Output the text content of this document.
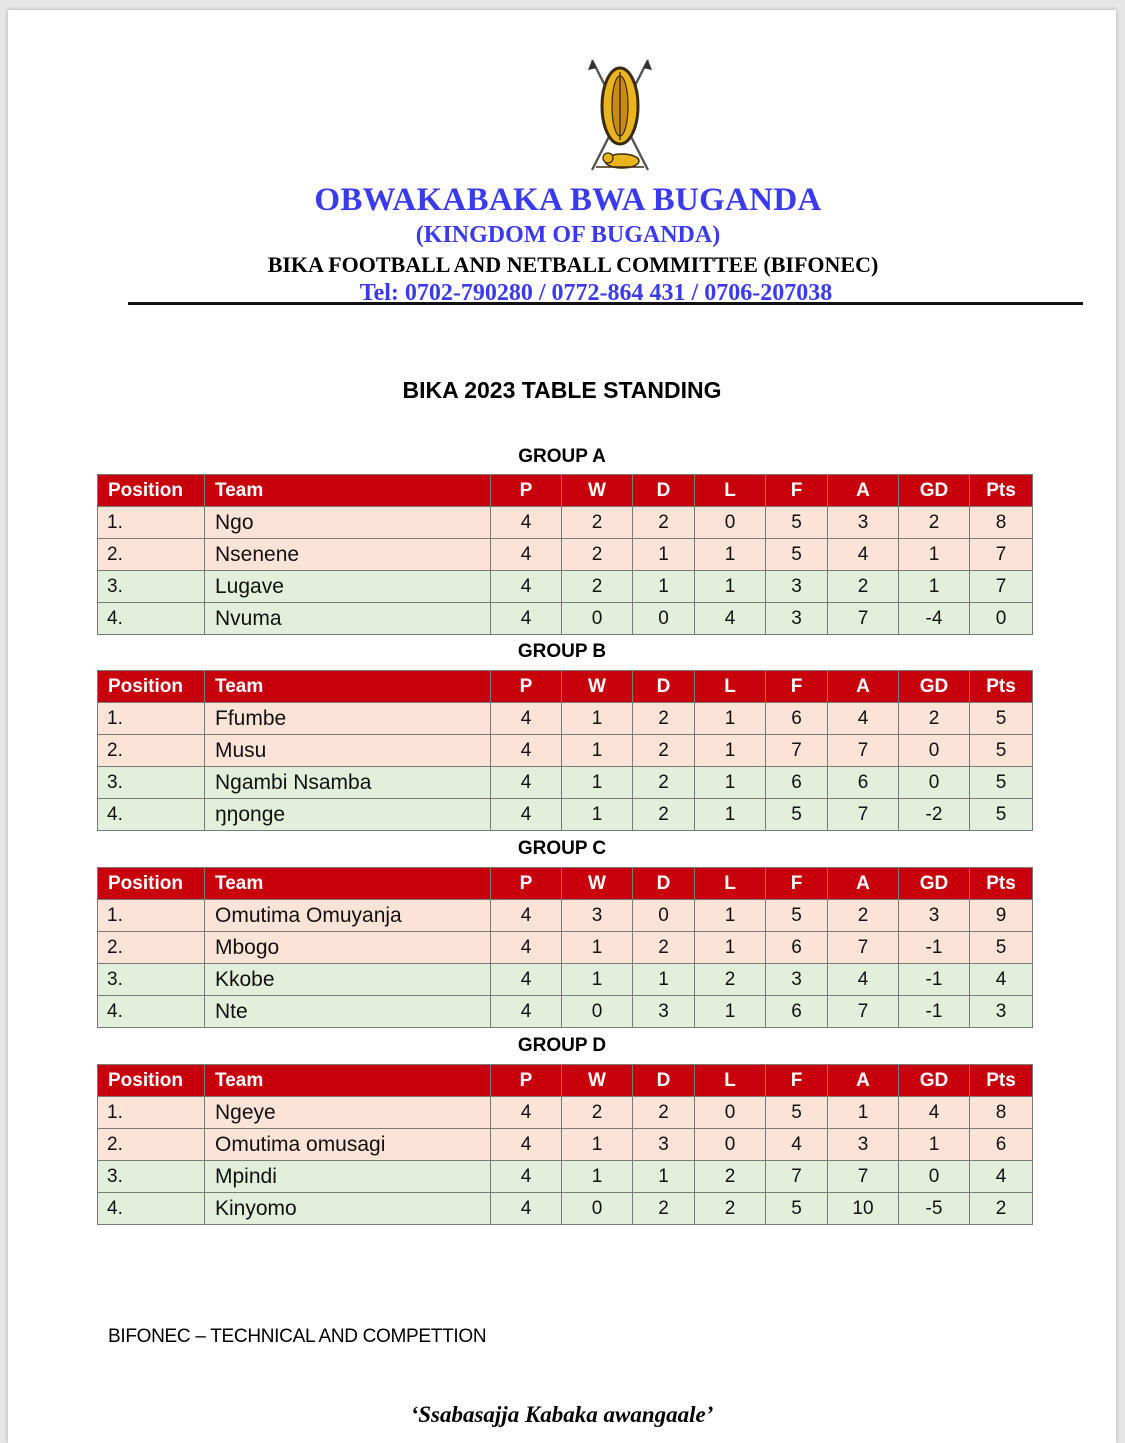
OBWAKABAKA BWA BUGANDA
(KINGDOM OF BUGANDA)
BIKA FOOTBALL AND NETBALL COMMITTEE (BIFONEC)
Tel: 0702-790280 / 0772-864 431 / 0706-207038
BIKA 2023 TABLE STANDING
GROUP A
Position	Team	P	W	D	L	F	A	GD	Pts
1.	Ngo	4	2	2	0	5	3	2	8
2.	Nsenene	4	2	1	1	5	4	1	7
3.	Lugave	4	2	1	1	3	2	1	7
4.	Nvuma	4	0	0	4	3	7	-4	0
GROUP B
Position	Team	P	W	D	L	F	A	GD	Pts
1.	Ffumbe	4	1	2	1	6	4	2	5
2.	Musu	4	1	2	1	7	7	0	5
3.	Ngambi Nsamba	4	1	2	1	6	6	0	5
4.	ŋŋonge	4	1	2	1	5	7	-2	5
GROUP C
Position	Team	P	W	D	L	F	A	GD	Pts
1.	Omutima Omuyanja	4	3	0	1	5	2	3	9
2.	Mbogo	4	1	2	1	6	7	-1	5
3.	Kkobe	4	1	1	2	3	4	-1	4
4.	Nte	4	0	3	1	6	7	-1	3
GROUP D
Position	Team	P	W	D	L	F	A	GD	Pts
1.	Ngeye	4	2	2	0	5	1	4	8
2.	Omutima omusagi	4	1	3	0	4	3	1	6
3.	Mpindi	4	1	1	2	7	7	0	4
4.	Kinyomo	4	0	2	2	5	10	-5	2
BIFONEC – TECHNICAL AND COMPETTION
‘Ssabasajja Kabaka awangaale’
